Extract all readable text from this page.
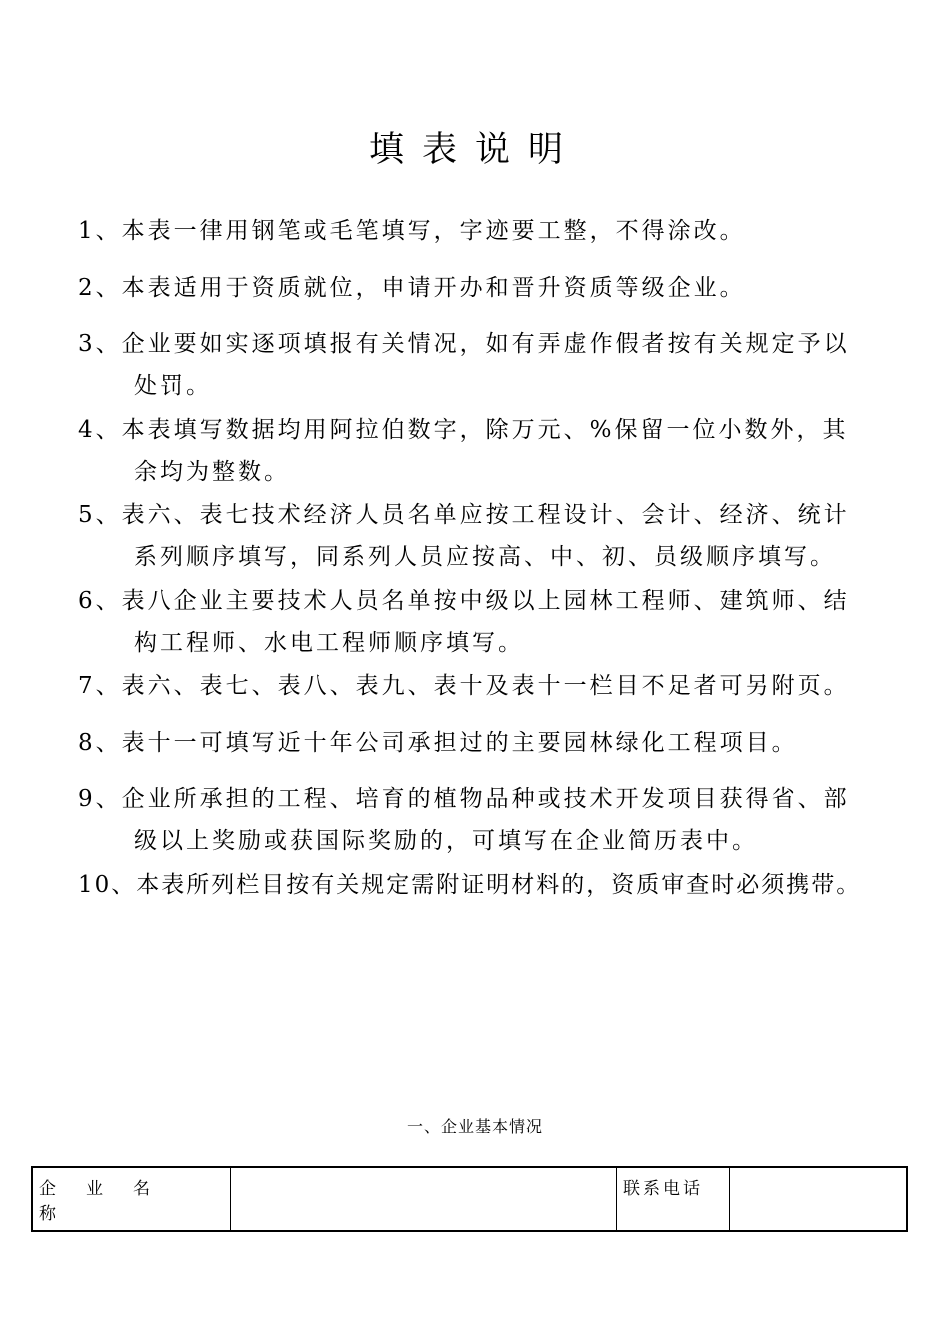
填表说明
1、本表一律用钢笔或毛笔填写，字迹要工整，不得涂改。
2、本表适用于资质就位，申请开办和晋升资质等级企业。
3、企业要如实逐项填报有关情况，如有弄虚作假者按有关规定予以
处罚。
4、本表填写数据均用阿拉伯数字，除万元、%保留一位小数外，其
余均为整数。
5、表六、表七技术经济人员名单应按工程设计、会计、经济、统计
系列顺序填写，同系列人员应按高、中、初、员级顺序填写。
6、表八企业主要技术人员名单按中级以上园林工程师、建筑师、结
构工程师、水电工程师顺序填写。
7、表六、表七、表八、表九、表十及表十一栏目不足者可另附页。
8、表十一可填写近十年公司承担过的主要园林绿化工程项目。
9、企业所承担的工程、培育的植物品种或技术开发项目获得省、部
级以上奖励或获国际奖励的，可填写在企业简历表中。
10、本表所列栏目按有关规定需附证明材料的，资质审查时必须携带。
一、企业基本情况
企业名称		联系电话	
